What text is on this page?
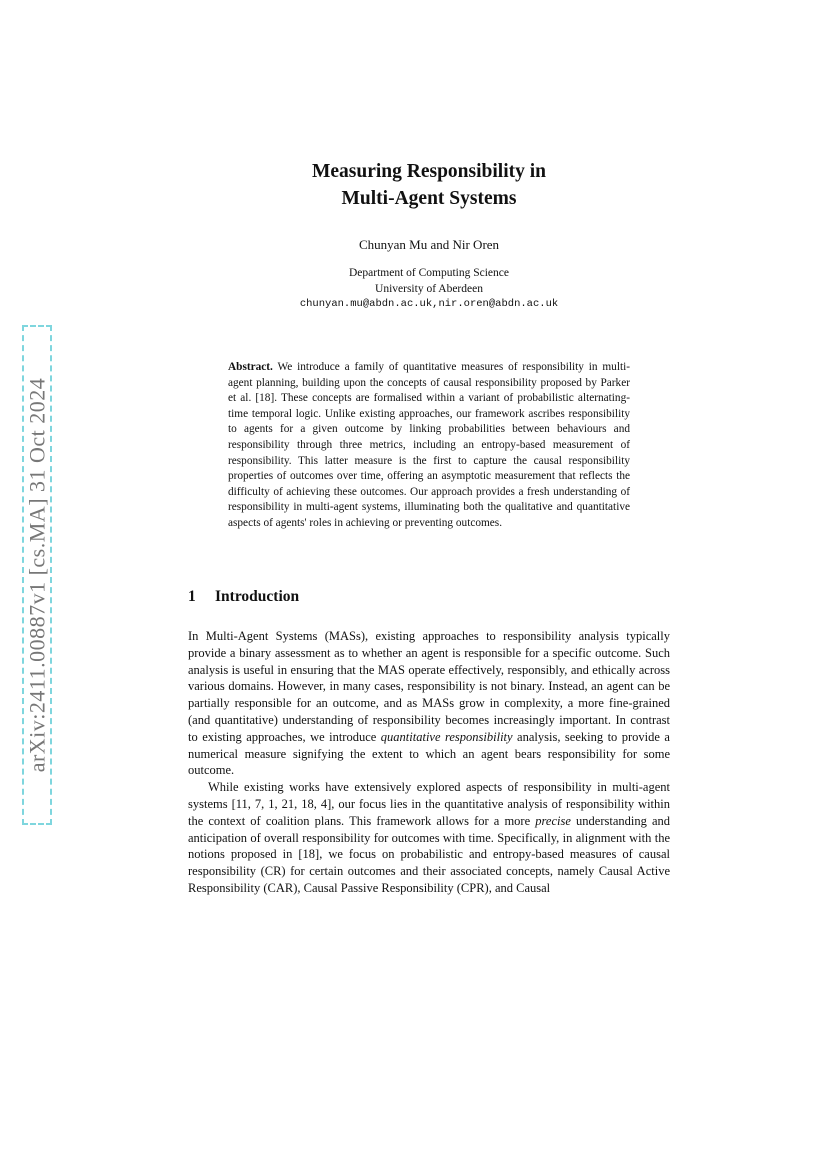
arXiv:2411.00887v1 [cs.MA] 31 Oct 2024
Measuring Responsibility in
Multi-Agent Systems
Chunyan Mu and Nir Oren
Department of Computing Science
University of Aberdeen
chunyan.mu@abdn.ac.uk,nir.oren@abdn.ac.uk
Abstract. We introduce a family of quantitative measures of responsibility in multi-agent planning, building upon the concepts of causal responsibility proposed by Parker et al. [18]. These concepts are formalised within a variant of probabilistic alternating-time temporal logic. Unlike existing approaches, our framework ascribes responsibility to agents for a given outcome by linking probabilities between behaviours and responsibility through three metrics, including an entropy-based measurement of responsibility. This latter measure is the first to capture the causal responsibility properties of outcomes over time, offering an asymptotic measurement that reflects the difficulty of achieving these outcomes. Our approach provides a fresh understanding of responsibility in multi-agent systems, illuminating both the qualitative and quantitative aspects of agents' roles in achieving or preventing outcomes.
1 Introduction

In Multi-Agent Systems (MASs), existing approaches to responsibility analysis typically provide a binary assessment as to whether an agent is responsible for a specific outcome. Such analysis is useful in ensuring that the MAS operate effectively, responsibly, and ethically across various domains. However, in many cases, responsibility is not binary. Instead, an agent can be partially responsible for an outcome, and as MASs grow in complexity, a more fine-grained (and quantitative) understanding of responsibility becomes increasingly important. In contrast to existing approaches, we introduce quantitative responsibility analysis, seeking to provide a numerical measure signifying the extent to which an agent bears responsibility for some outcome.

While existing works have extensively explored aspects of responsibility in multi-agent systems [11, 7, 1, 21, 18, 4], our focus lies in the quantitative analysis of responsibility within the context of coalition plans. This framework allows for a more precise understanding and anticipation of overall responsibility for outcomes with time. Specifically, in alignment with the notions proposed in [18], we focus on probabilistic and entropy-based measures of causal responsibility (CR) for certain outcomes and their associated concepts, namely Causal Active Responsibility (CAR), Causal Passive Responsibility (CPR), and Causal
